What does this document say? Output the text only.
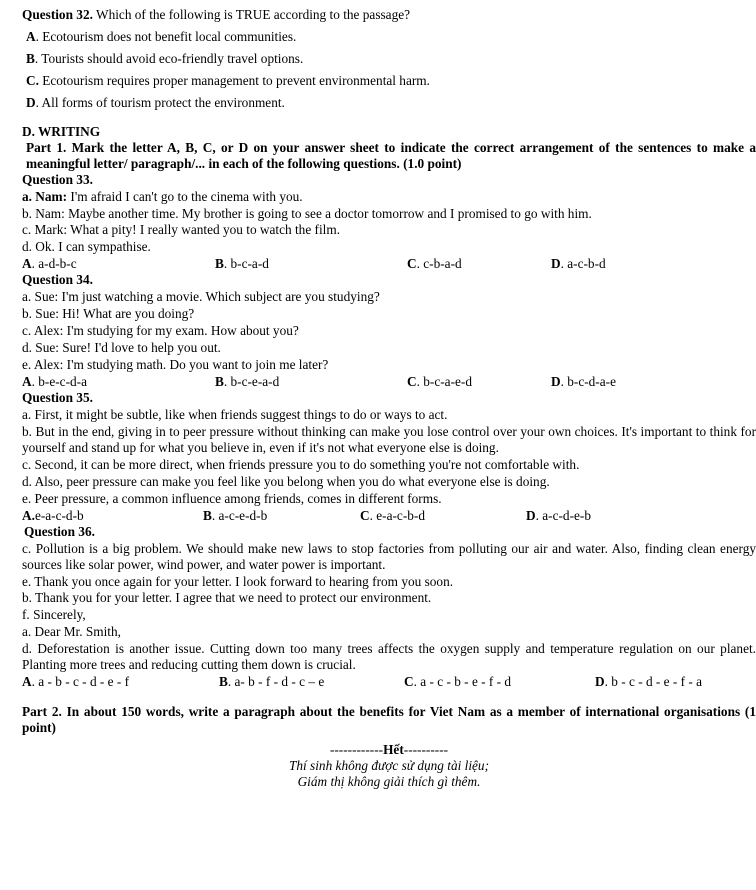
Question 32. Which of the following is TRUE according to the passage?
A. Ecotourism does not benefit local communities.
B. Tourists should avoid eco-friendly travel options.
C. Ecotourism requires proper management to prevent environmental harm.
D. All forms of tourism protect the environment.
D. WRITING
Part 1. Mark the letter A, B, C, or D on your answer sheet to indicate the correct arrangement of the sentences to make a meaningful letter/ paragraph/... in each of the following questions. (1.0 point)
Question 33.
a. Nam: I'm afraid I can't go to the cinema with you.
b. Nam: Maybe another time. My brother is going to see a doctor tomorrow and I promised to go with him.
c. Mark: What a pity! I really wanted you to watch the film.
d. Ok. I can sympathise.
A. a-d-b-c	B. b-c-a-d	C. c-b-a-d	D. a-c-b-d
Question 34.
a. Sue: I'm just watching a movie. Which subject are you studying?
b. Sue: Hi! What are you doing?
c. Alex: I'm studying for my exam. How about you?
d. Sue: Sure! I'd love to help you out.
e. Alex: I'm studying math. Do you want to join me later?
A. b-e-c-d-a	B. b-c-e-a-d	C. b-c-a-e-d	D. b-c-d-a-e
Question 35.
a. First, it might be subtle, like when friends suggest things to do or ways to act.
b. But in the end, giving in to peer pressure without thinking can make you lose control over your own choices. It's important to think for yourself and stand up for what you believe in, even if it's not what everyone else is doing.
c. Second, it can be more direct, when friends pressure you to do something you're not comfortable with.
d. Also, peer pressure can make you feel like you belong when you do what everyone else is doing.
e. Peer pressure, a common influence among friends, comes in different forms.
A.e-a-c-d-b	B. a-c-e-d-b	C. e-a-c-b-d	D. a-c-d-e-b
Question 36.
c. Pollution is a big problem. We should make new laws to stop factories from polluting our air and water. Also, finding clean energy sources like solar power, wind power, and water power is important.
e. Thank you once again for your letter. I look forward to hearing from you soon.
b. Thank you for your letter. I agree that we need to protect our environment.
f. Sincerely,
a. Dear Mr. Smith,
d. Deforestation is another issue. Cutting down too many trees affects the oxygen supply and temperature regulation on our planet. Planting more trees and reducing cutting them down is crucial.
A. a - b - c - d - e - f	B. a- b - f - d - c – e	C. a - c - b - e - f - d	D. b - c - d - e - f - a
Part 2. In about 150 words, write a paragraph about the benefits for Viet Nam as a member of international organisations (1 point)
------------Hết----------
Thí sinh không được sử dụng tài liệu;
Giám thị không giải thích gì thêm.
